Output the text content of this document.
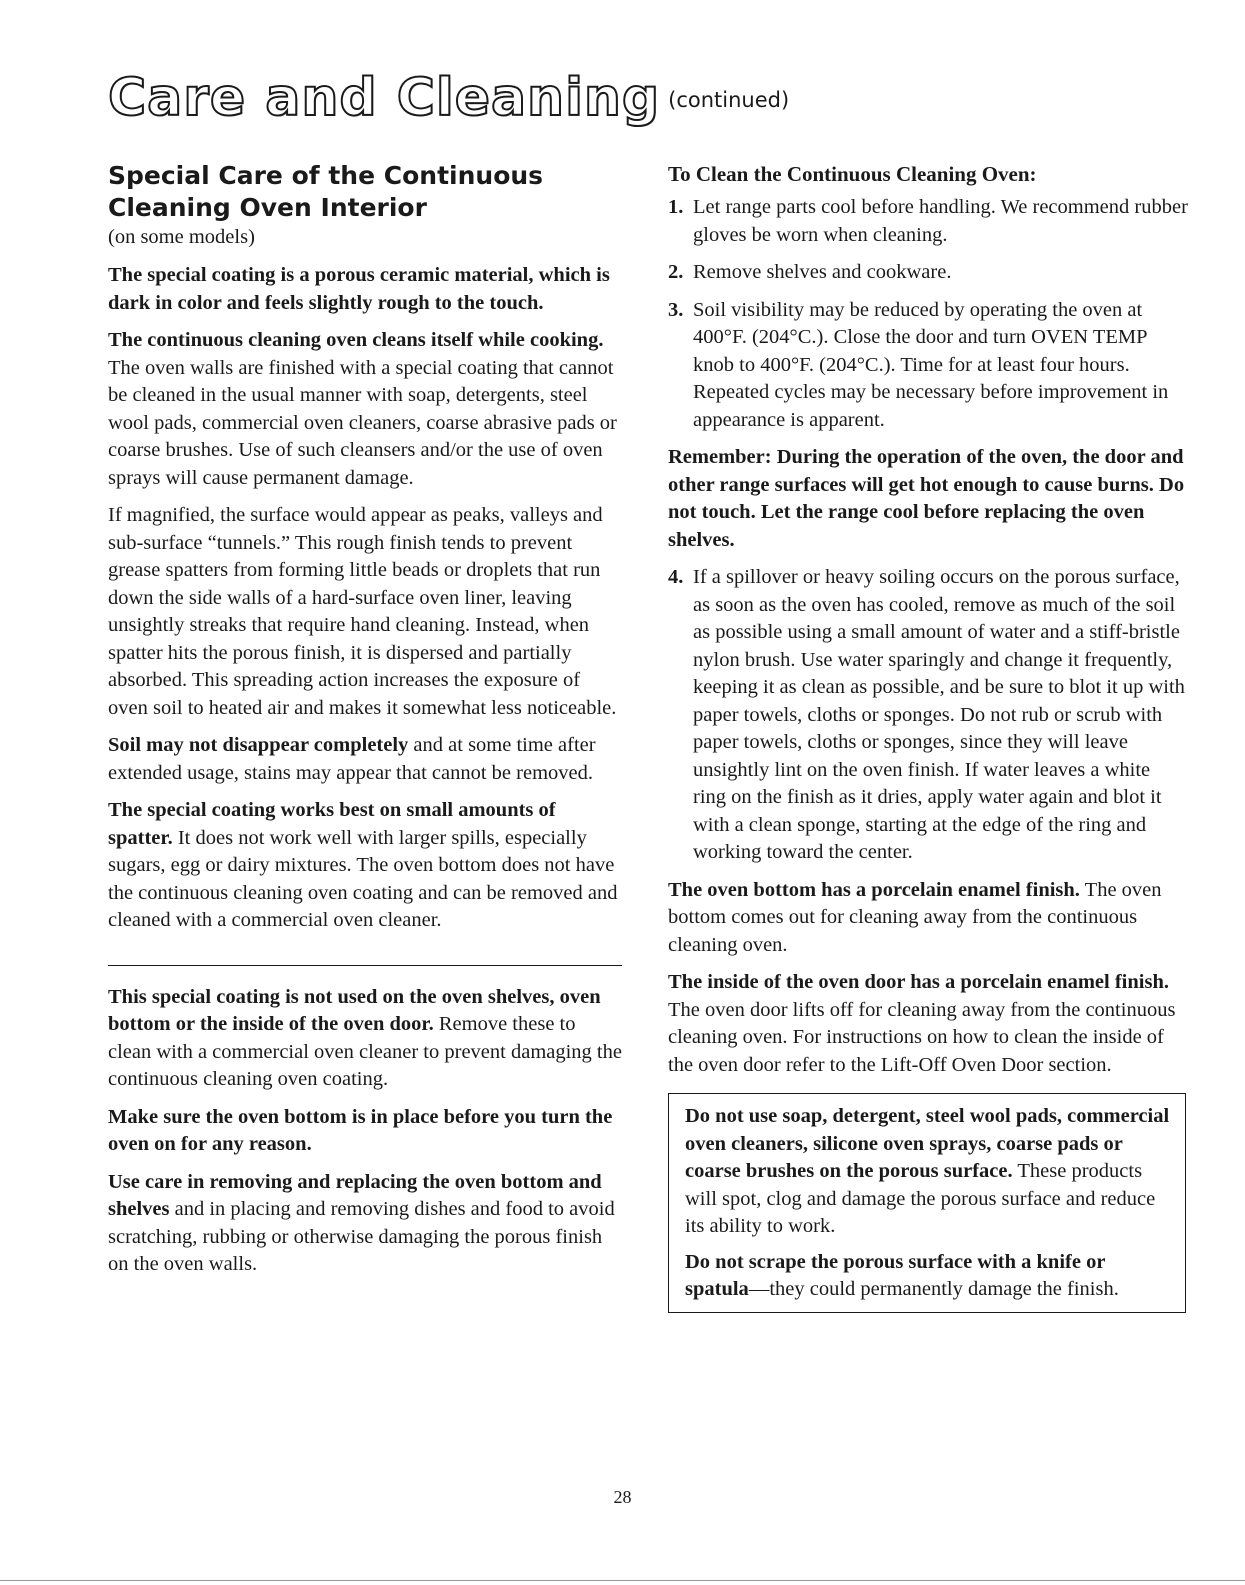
Care and Cleaning (continued)
Special Care of the Continuous
Cleaning Oven Interior
(on some models)

The special coating is a porous ceramic material, which is dark in color and feels slightly rough to the touch.

The continuous cleaning oven cleans itself while cooking. The oven walls are finished with a special coating that cannot be cleaned in the usual manner with soap, detergents, steel wool pads, commercial oven cleaners, coarse abrasive pads or coarse brushes. Use of such cleansers and/or the use of oven sprays will cause permanent damage.

If magnified, the surface would appear as peaks, valleys and sub-surface “tunnels.” This rough finish tends to prevent grease spatters from forming little beads or droplets that run down the side walls of a hard-surface oven liner, leaving unsightly streaks that require hand cleaning. Instead, when spatter hits the porous finish, it is dispersed and partially absorbed. This spreading action increases the exposure of oven soil to heated air and makes it somewhat less noticeable.

Soil may not disappear completely and at some time after extended usage, stains may appear that cannot be removed.

The special coating works best on small amounts of spatter. It does not work well with larger spills, especially sugars, egg or dairy mixtures. The oven bottom does not have the continuous cleaning oven coating and can be removed and cleaned with a commercial oven cleaner.

This special coating is not used on the oven shelves, oven bottom or the inside of the oven door. Remove these to clean with a commercial oven cleaner to prevent damaging the continuous cleaning oven coating.

Make sure the oven bottom is in place before you turn the oven on for any reason.

Use care in removing and replacing the oven bottom and shelves and in placing and removing dishes and food to avoid scratching, rubbing or otherwise damaging the porous finish on the oven walls.

To Clean the Continuous Cleaning Oven:
1. Let range parts cool before handling. We recommend rubber gloves be worn when cleaning.
2. Remove shelves and cookware.
3. Soil visibility may be reduced by operating the oven at 400°F. (204°C.). Close the door and turn OVEN TEMP knob to 400°F. (204°C.). Time for at least four hours. Repeated cycles may be necessary before improvement in appearance is apparent.

Remember: During the operation of the oven, the door and other range surfaces will get hot enough to cause burns. Do not touch. Let the range cool before replacing the oven shelves.

4. If a spillover or heavy soiling occurs on the porous surface, as soon as the oven has cooled, remove as much of the soil as possible using a small amount of water and a stiff-bristle nylon brush. Use water sparingly and change it frequently, keeping it as clean as possible, and be sure to blot it up with paper towels, cloths or sponges. Do not rub or scrub with paper towels, cloths or sponges, since they will leave unsightly lint on the oven finish. If water leaves a white ring on the finish as it dries, apply water again and blot it with a clean sponge, starting at the edge of the ring and working toward the center.

The oven bottom has a porcelain enamel finish. The oven bottom comes out for cleaning away from the continuous cleaning oven.

The inside of the oven door has a porcelain enamel finish. The oven door lifts off for cleaning away from the continuous cleaning oven. For instructions on how to clean the inside of the oven door refer to the Lift-Off Oven Door section.

Do not use soap, detergent, steel wool pads, commercial oven cleaners, silicone oven sprays, coarse pads or coarse brushes on the porous surface. These products will spot, clog and damage the porous surface and reduce its ability to work.

Do not scrape the porous surface with a knife or spatula—they could permanently damage the finish.

28
